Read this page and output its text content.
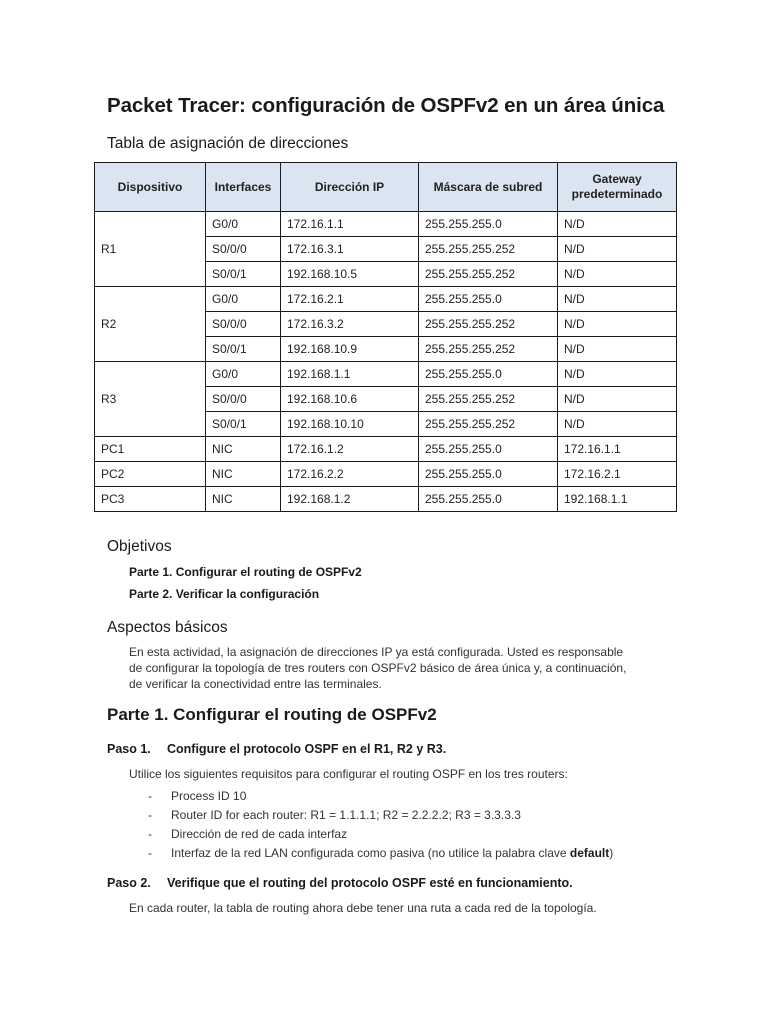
Packet Tracer: configuración de OSPFv2 en un área única
Tabla de asignación de direcciones
Dispositivo	Interfaces	Dirección IP	Máscara de subred	Gateway predeterminado
R1	G0/0	172.16.1.1	255.255.255.0	N/D
	S0/0/0	172.16.3.1	255.255.255.252	N/D
	S0/0/1	192.168.10.5	255.255.255.252	N/D
R2	G0/0	172.16.2.1	255.255.255.0	N/D
	S0/0/0	172.16.3.2	255.255.255.252	N/D
	S0/0/1	192.168.10.9	255.255.255.252	N/D
R3	G0/0	192.168.1.1	255.255.255.0	N/D
	S0/0/0	192.168.10.6	255.255.255.252	N/D
	S0/0/1	192.168.10.10	255.255.255.252	N/D
PC1	NIC	172.16.1.2	255.255.255.0	172.16.1.1
PC2	NIC	172.16.2.2	255.255.255.0	172.16.2.1
PC3	NIC	192.168.1.2	255.255.255.0	192.168.1.1
Objetivos
Parte 1. Configurar el routing de OSPFv2
Parte 2. Verificar la configuración
Aspectos básicos
En esta actividad, la asignación de direcciones IP ya está configurada. Usted es responsable
de configurar la topología de tres routers con OSPFv2 básico de área única y, a continuación,
de verificar la conectividad entre las terminales.
Parte 1. Configurar el routing de OSPFv2
Paso 1. Configure el protocolo OSPF en el R1, R2 y R3.
Utilice los siguientes requisitos para configurar el routing OSPF en los tres routers:
- Process ID 10
- Router ID for each router: R1 = 1.1.1.1; R2 = 2.2.2.2; R3 = 3.3.3.3
- Dirección de red de cada interfaz
- Interfaz de la red LAN configurada como pasiva (no utilice la palabra clave default)
Paso 2. Verifique que el routing del protocolo OSPF esté en funcionamiento.
En cada router, la tabla de routing ahora debe tener una ruta a cada red de la topología.
